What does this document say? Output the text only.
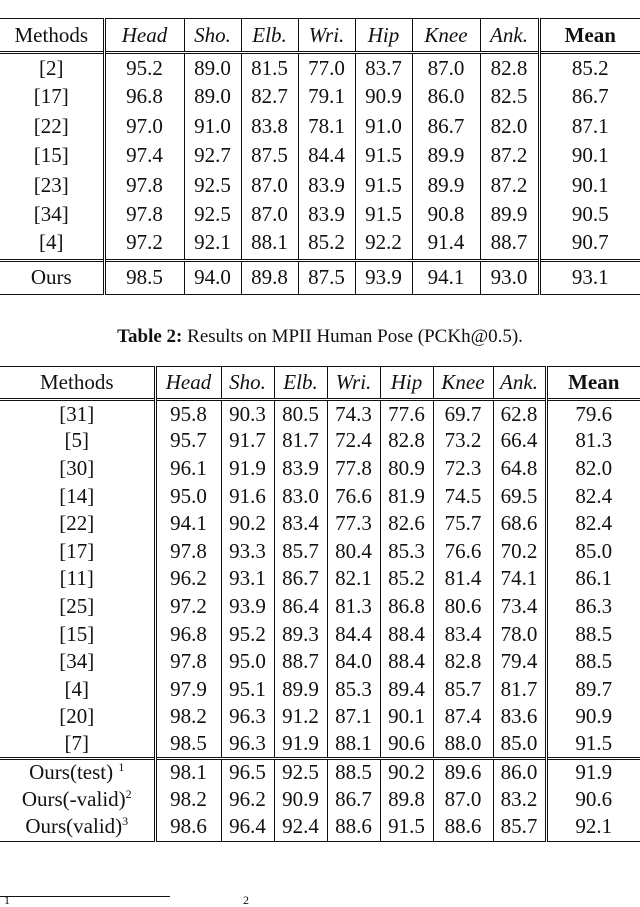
Methods	Head	Sho.	Elb.	Wri.	Hip	Knee	Ank.	Mean
[2]	95.2	89.0	81.5	77.0	83.7	87.0	82.8	85.2
[17]	96.8	89.0	82.7	79.1	90.9	86.0	82.5	86.7
[22]	97.0	91.0	83.8	78.1	91.0	86.7	82.0	87.1
[15]	97.4	92.7	87.5	84.4	91.5	89.9	87.2	90.1
[23]	97.8	92.5	87.0	83.9	91.5	89.9	87.2	90.1
[34]	97.8	92.5	87.0	83.9	91.5	90.8	89.9	90.5
[4]	97.2	92.1	88.1	85.2	92.2	91.4	88.7	90.7
Ours	98.5	94.0	89.8	87.5	93.9	94.1	93.0	93.1
Table 2: Results on MPII Human Pose (PCKh@0.5).
Methods	Head	Sho.	Elb.	Wri.	Hip	Knee	Ank.	Mean
[31]	95.8	90.3	80.5	74.3	77.6	69.7	62.8	79.6
[5]	95.7	91.7	81.7	72.4	82.8	73.2	66.4	81.3
[30]	96.1	91.9	83.9	77.8	80.9	72.3	64.8	82.0
[14]	95.0	91.6	83.0	76.6	81.9	74.5	69.5	82.4
[22]	94.1	90.2	83.4	77.3	82.6	75.7	68.6	82.4
[17]	97.8	93.3	85.7	80.4	85.3	76.6	70.2	85.0
[11]	96.2	93.1	86.7	82.1	85.2	81.4	74.1	86.1
[25]	97.2	93.9	86.4	81.3	86.8	80.6	73.4	86.3
[15]	96.8	95.2	89.3	84.4	88.4	83.4	78.0	88.5
[34]	97.8	95.0	88.7	84.0	88.4	82.8	79.4	88.5
[4]	97.9	95.1	89.9	85.3	89.4	85.7	81.7	89.7
[20]	98.2	96.3	91.2	87.1	90.1	87.4	83.6	90.9
[7]	98.5	96.3	91.9	88.1	90.6	88.0	85.0	91.5
Ours(test) $^1$	98.1	96.5	92.5	88.5	90.2	89.6	86.0	91.9
Ours(-valid)$^2$	98.2	96.2	90.9	86.7	89.8	87.0	83.2	90.6
Ours(valid)$^3$	98.6	96.4	92.4	88.6	91.5	88.6	85.7	92.1
1	2
